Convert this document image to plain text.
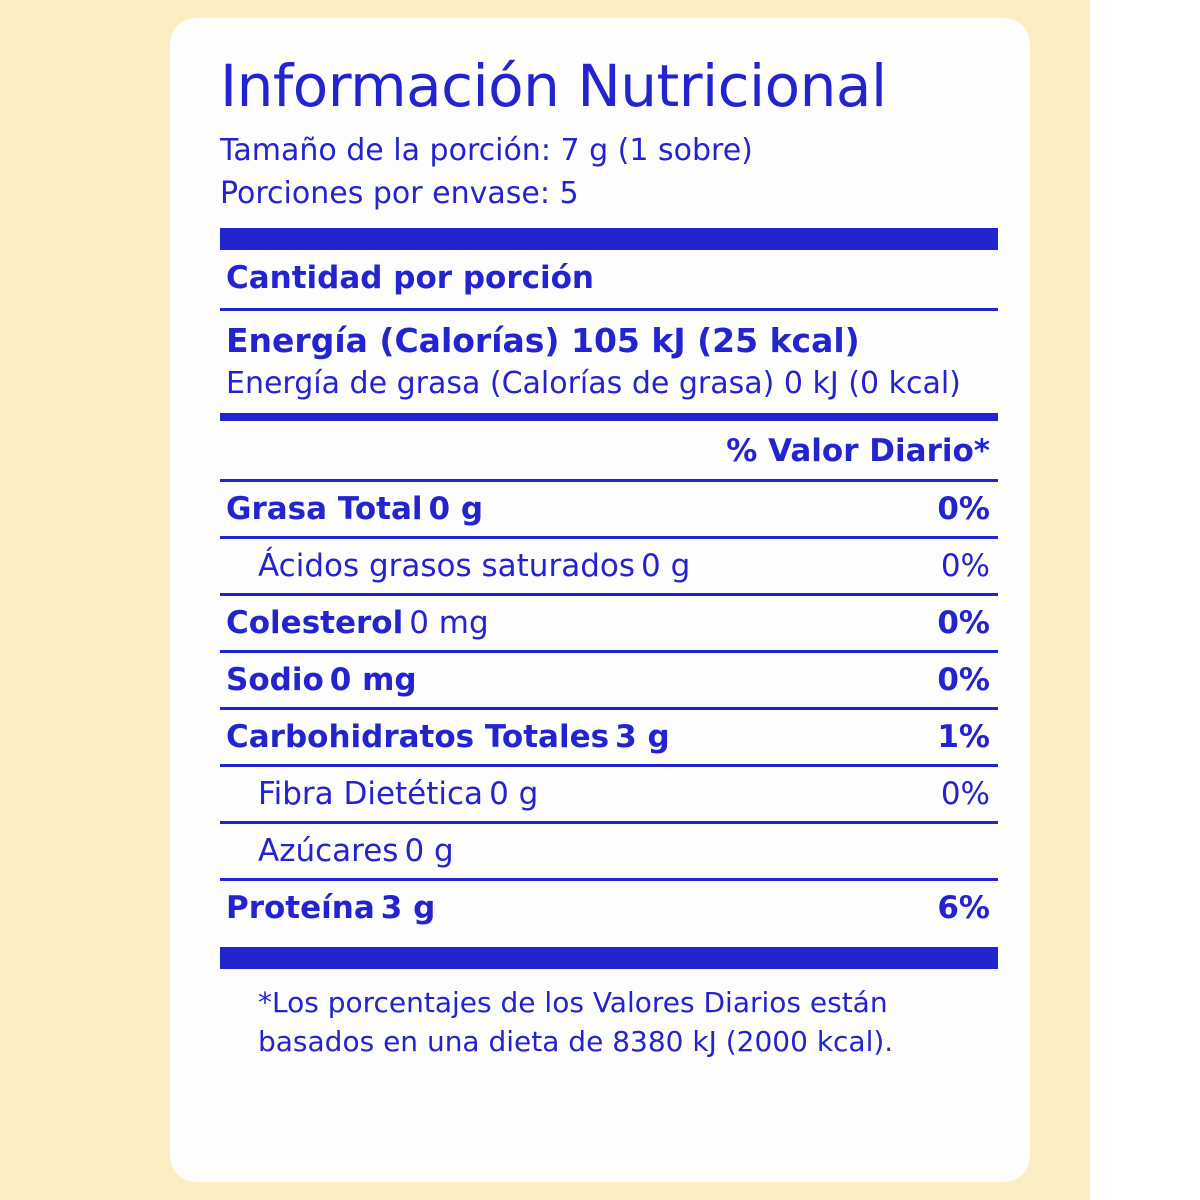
Información Nutricional
Tamaño de la porción: 7 g (1 sobre)
Porciones por envase: 5
Cantidad por porción
Energía (Calorías) 105 kJ (25 kcal)
Energía de grasa (Calorías de grasa) 0 kJ (0 kcal)
% Valor Diario*
Grasa Total 0 g	0%
Ácidos grasos saturados 0 g	0%
Colesterol 0 mg	0%
Sodio 0 mg	0%
Carbohidratos Totales 3 g	1%
Fibra Dietética 0 g	0%
Azúcares 0 g
Proteína 3 g	6%
*Los porcentajes de los Valores Diarios están
basados en una dieta de 8380 kJ (2000 kcal).
